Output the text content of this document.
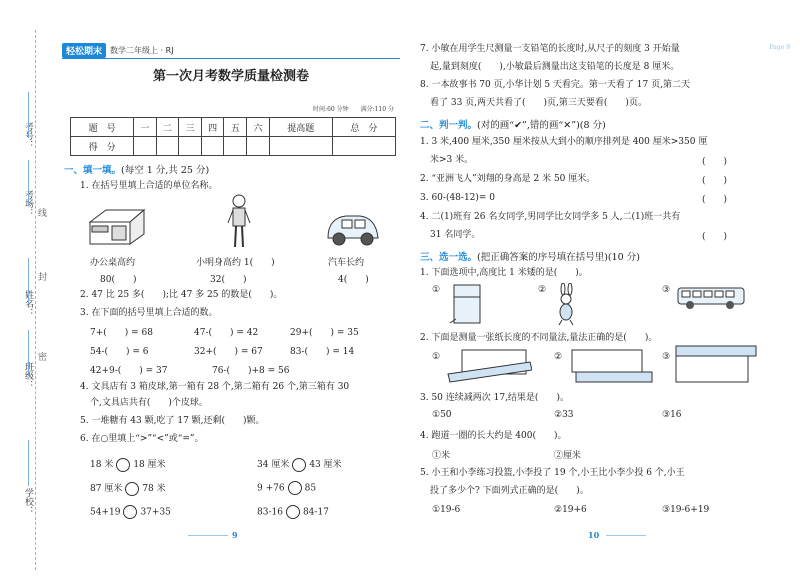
考号：
考场： 线
封
姓名：
密
班级：
学校：
轻松期末	数学二年级上 · RJ
第一次月考数学质量检测卷
时间:60 分钟　　满分:110 分
题　号	一	二	三	四	五	六	提高题	总　分
得　分								
一、填一填。(每空 1 分,共 25 分)
1. 在括号里填上合适的单位名称。
办公桌高约	小明身高约 1(　　)	汽车长约
80(　　)	32(　　)	4(　　)
2. 47 比 25 多(　　);比 47 多 25 的数是(　　)。
3. 在下面的括号里填上合适的数。
7+(　　) = 68	47-(　　) = 42	29+(　　) = 35
54-(　　) = 6	32+(　　) = 67	83-(　　) = 14
42+9-(　　) = 37	76-(　　)+8 = 56
4. 文具店有 3 箱皮球,第一箱有 28 个,第二箱有 26 个,第三箱有 30
个,文具店共有(　　)个皮球。
5. 一堆糖有 43 颗,吃了 17 颗,还剩(　　)颗。
6. 在○里填上“>”“<”或“=”。
18 米 18 厘米	34 厘米 43 厘米
87 厘米 78 米	9 +76 85
54+19 37+35	83-16 84-17
9
Page 9
7. 小敏在用学生尺测量一支铅笔的长度时,从尺子的刻度 3 开始量
起,量到刻度(　　),小敏最后测量出这支铅笔的长度是 8 厘米。
8. 一本故事书 70 页,小华计划 5 天看完。第一天看了 17 页,第二天
看了 33 页,两天共看了(　　)页,第三天要看(　　)页。
二、判一判。(对的画“✔”,错的画“✕”)(8 分)
1. 3 米,400 厘米,350 厘米按从大到小的顺序排列是 400 厘米>350 厘
米>3 米。	(　　)
2. “亚洲飞人”刘翔的身高是 2 米 50 厘米。	(　　)
3. 60-(48-12)= 0	(　　)
4. 二(1)班有 26 名女同学,男同学比女同学多 5 人,二(1)班一共有
31 名同学。	(　　)
三、选一选。(把正确答案的序号填在括号里)(10 分)
1. 下面选项中,高度比 1 米矮的是(　　)。
①	②	③
2. 下面是测量一张纸长度的不同量法,量法正确的是(　　)。
①	②	③
3. 50 连续减两次 17,结果是(　　)。
①50	②33	③16
4. 跑道一圈的长大约是 400(　　)。
①米	②厘米
5. 小王和小李练习投篮,小李投了 19 个,小王比小李少投 6 个,小王
投了多少个? 下面列式正确的是(　　)。
①19-6	②19+6	③19-6+19
10
